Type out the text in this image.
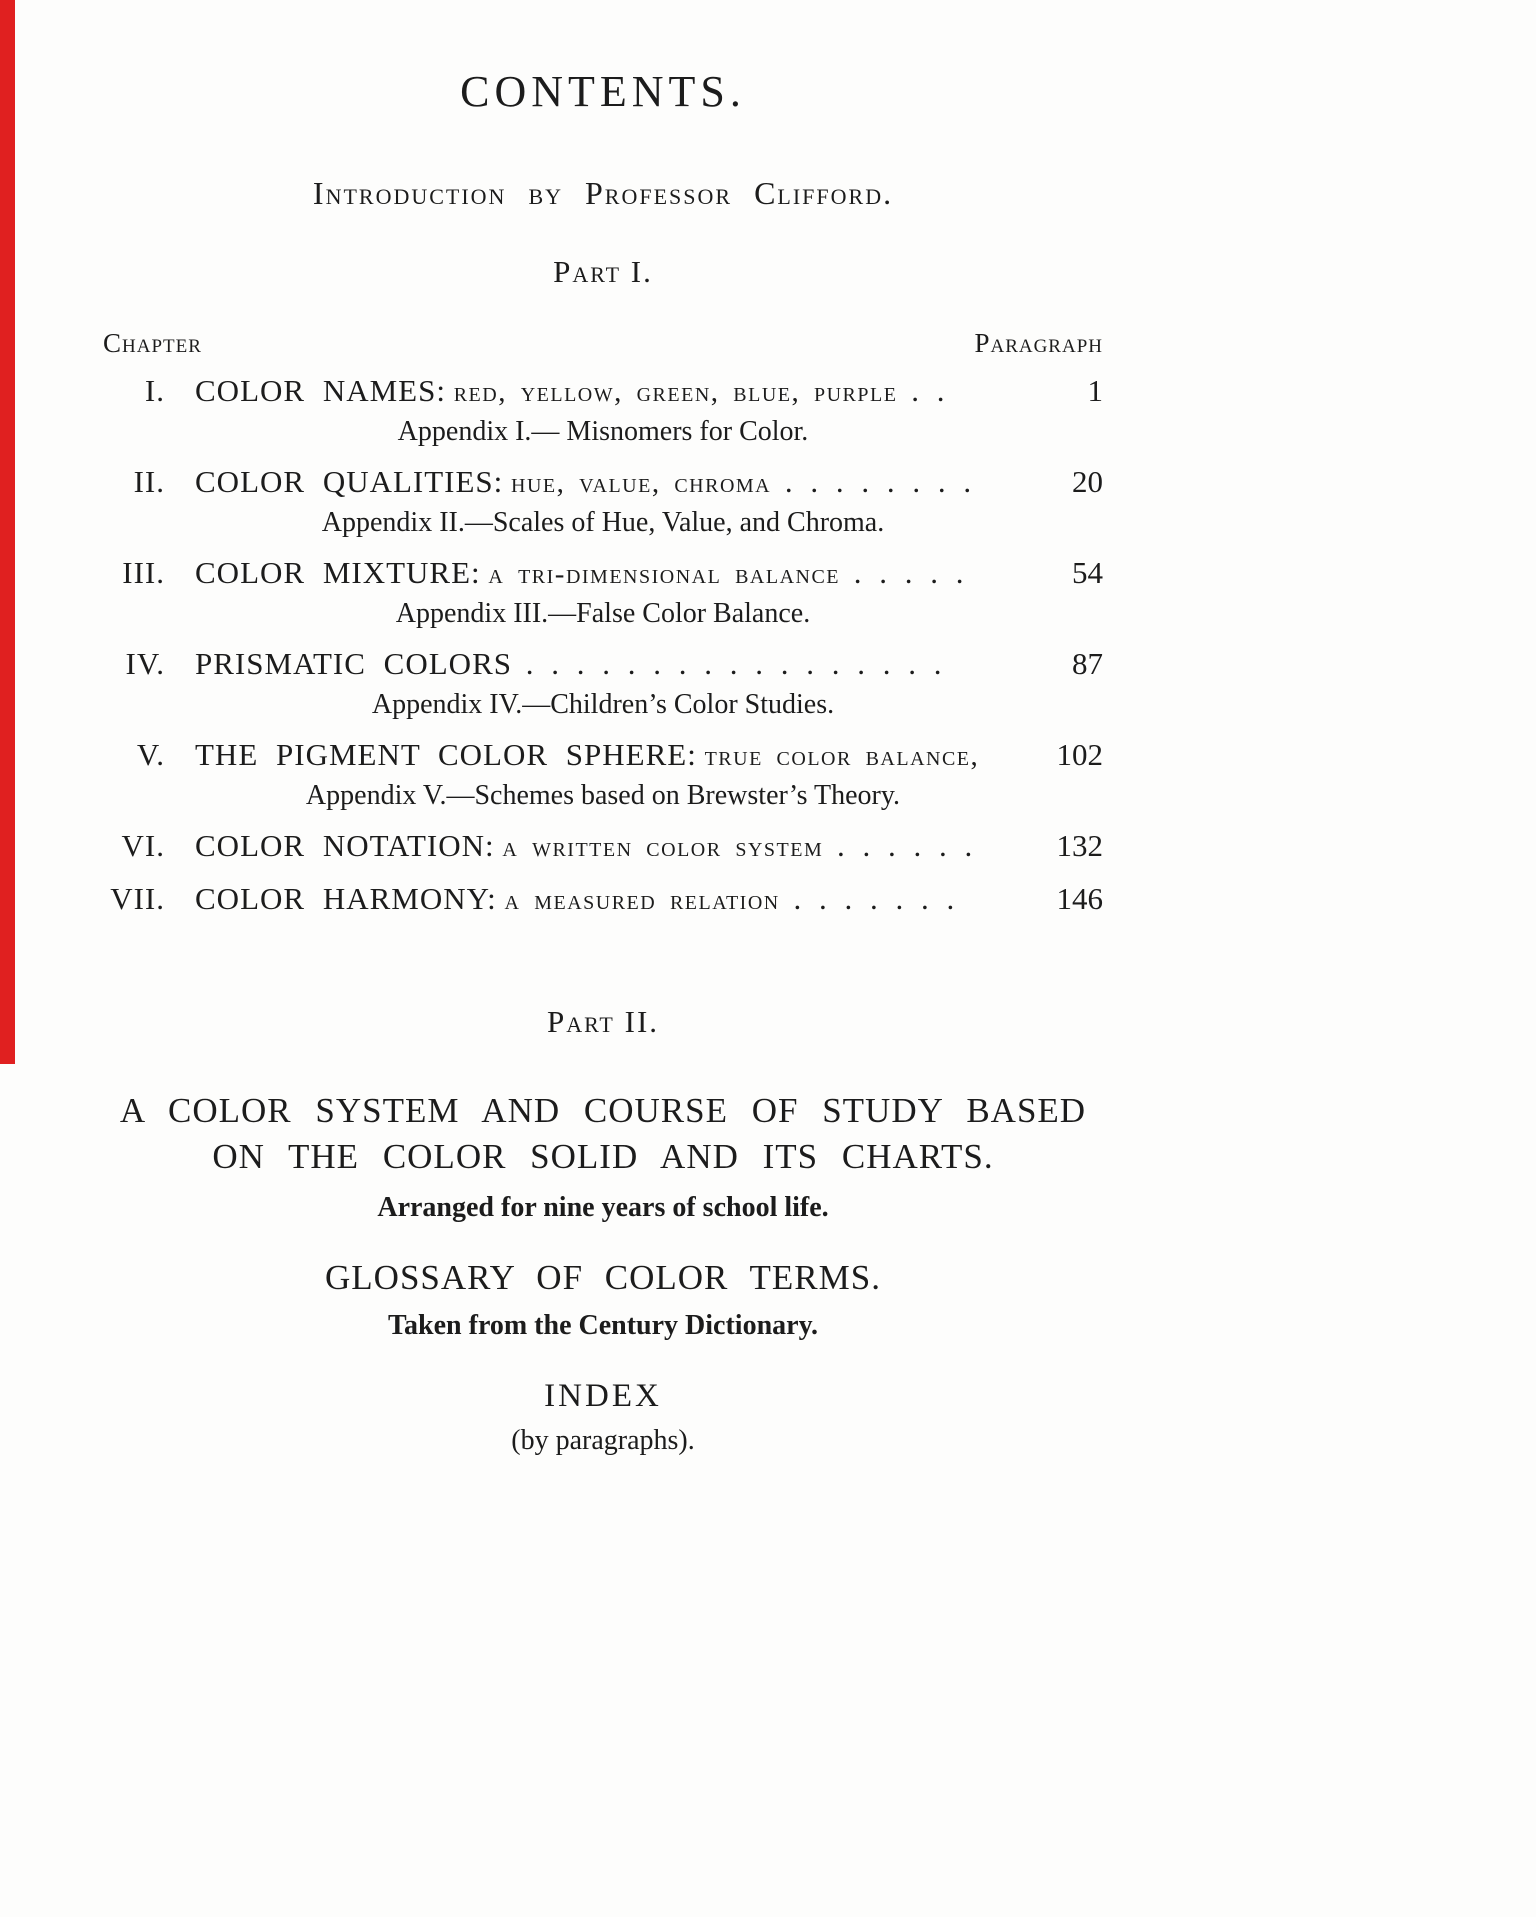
CONTENTS.
Introduction by Professor Clifford.
Part I.
Chapter	Paragraph
I. COLOR NAMES: red, yellow, green, blue, purple . .	1
Appendix I.— Misnomers for Color.
II. COLOR QUALITIES: hue, value, chroma . . . . . . . .	20
Appendix II.—Scales of Hue, Value, and Chroma.
III. COLOR MIXTURE: a tri-dimensional balance . . . . .	54
Appendix III.—False Color Balance.
IV. PRISMATIC COLORS . . . . . . . . . . . . . . . . .	87
Appendix IV.—Children’s Color Studies.
V. THE PIGMENT COLOR SPHERE: true color balance,	102
Appendix V.—Schemes based on Brewster’s Theory.
VI. COLOR NOTATION: a written color system . . . . . .	132
VII. COLOR HARMONY: a measured relation . . . . . . .	146
Part II.
A COLOR SYSTEM AND COURSE OF STUDY BASED
ON THE COLOR SOLID AND ITS CHARTS.
Arranged for nine years of school life.
GLOSSARY OF COLOR TERMS.
Taken from the Century Dictionary.
INDEX
(by paragraphs).
